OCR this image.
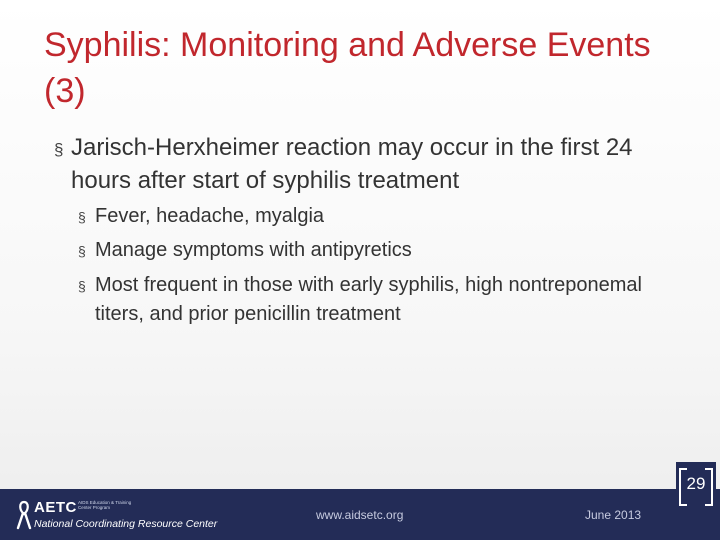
Syphilis: Monitoring and Adverse Events (3)
§ Jarisch-Herxheimer reaction may occur in the first 24 hours after start of syphilis treatment
§ Fever, headache, myalgia
§ Manage symptoms with antipyretics
§ Most frequent in those with early syphilis, high nontreponemal titers, and prior penicillin treatment
AETC AIDS Education & Training Center Program
National Coordinating Resource Center
www.aidsetc.org	June 2013
29
